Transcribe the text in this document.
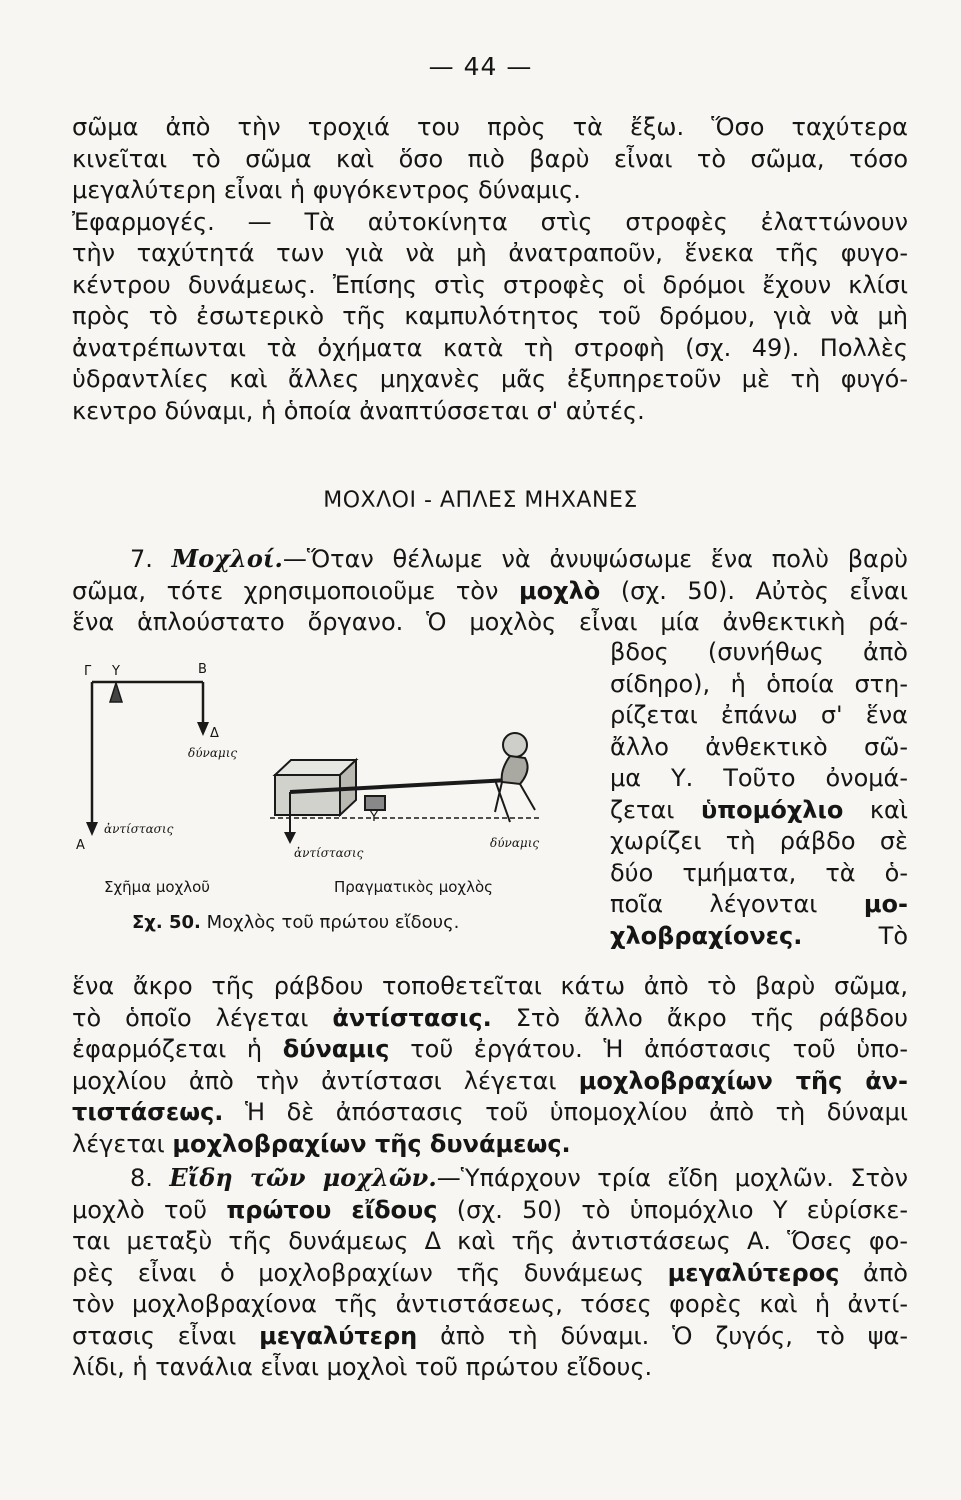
— 44 —
σῶμα ἀπὸ τὴν τροχιά του πρὸς τὰ ἔξω. Ὅσο ταχύτερα
κινεῖται τὸ σῶμα καὶ ὅσο πιὸ βαρὺ εἶναι τὸ σῶμα, τόσο
μεγαλύτερη εἶναι ἡ φυγόκεντρος δύναμις.
Ἐφαρμογές. — Τὰ αὐτοκίνητα στὶς στροφὲς ἐλαττώνουν
τὴν ταχύτητά των γιὰ νὰ μὴ ἀνατραποῦν, ἕνεκα τῆς φυγο-
κέντρου δυνάμεως. Ἐπίσης στὶς στροφὲς οἱ δρόμοι ἔχουν κλίσι
πρὸς τὸ ἐσωτερικὸ τῆς καμπυλότητος τοῦ δρόμου, γιὰ νὰ μὴ
ἀνατρέπωνται τὰ ὀχήματα κατὰ τὴ στροφὴ (σχ. 49). Πολλὲς
ὑδραντλίες καὶ ἄλλες μηχανὲς μᾶς ἐξυπηρετοῦν μὲ τὴ φυγό-
κεντρο δύναμι, ἡ ὁποία ἀναπτύσσεται σ' αὐτές.
ΜΟΧΛΟΙ - ΑΠΛΕΣ ΜΗΧΑΝΕΣ
7. Μοχλοί.—Ὅταν θέλωμε νὰ ἀνυψώσωμε ἕνα πολὺ βαρὺ
σῶμα, τότε χρησιμοποιοῦμε τὸν μοχλὸ (σχ. 50). Αὐτὸς εἶναι
ἕνα ἁπλούστατο ὄργανο. Ὁ μοχλὸς εἶναι μία ἀνθεκτικὴ ρά-
βδος (συνήθως ἀπὸ
σίδηρο), ἡ ὁποία στη-
ρίζεται ἐπάνω σ' ἕνα
ἄλλο ἀνθεκτικὸ σῶ-
μα Υ. Τοῦτο ὀνομά-
ζεται ὑπομόχλιο καὶ
χωρίζει τὴ ράβδο σὲ
δύο τμήματα, τὰ ὁ-
ποῖα λέγονται μο-
χλοβραχίονες.	Τὸ
Γ Υ	Β
Δ
δύναμις
Α
ἀντίστασις
Υ
ἀντίστασις
δύναμις
Σχῆμα μοχλοῦ	Πραγματικὸς μοχλὸς
Σχ. 50. Μοχλὸς τοῦ πρώτου εἴδους.
ἕνα ἄκρο τῆς ράβδου τοποθετεῖται κάτω ἀπὸ τὸ βαρὺ σῶμα,
τὸ ὁποῖο λέγεται ἀντίστασις. Στὸ ἄλλο ἄκρο τῆς ράβδου
ἐφαρμόζεται ἡ δύναμις τοῦ ἐργάτου. Ἡ ἀπόστασις τοῦ ὑπο-
μοχλίου ἀπὸ τὴν ἀντίστασι λέγεται μοχλοβραχίων τῆς ἀν-
τιστάσεως. Ἡ δὲ ἀπόστασις τοῦ ὑπομοχλίου ἀπὸ τὴ δύναμι
λέγεται μοχλοβραχίων τῆς δυνάμεως.
8. Εἴδη τῶν μοχλῶν.—Ὑπάρχουν τρία εἴδη μοχλῶν. Στὸν
μοχλὸ τοῦ πρώτου εἴδους (σχ. 50) τὸ ὑπομόχλιο Υ εὑρίσκε-
ται μεταξὺ τῆς δυνάμεως Δ καὶ τῆς ἀντιστάσεως Α. Ὅσες φο-
ρὲς εἶναι ὁ μοχλοβραχίων τῆς δυνάμεως μεγαλύτερος ἀπὸ
τὸν μοχλοβραχίονα τῆς ἀντιστάσεως, τόσες φορὲς καὶ ἡ ἀντί-
στασις εἶναι μεγαλύτερη ἀπὸ τὴ δύναμι. Ὁ ζυγός, τὸ ψα-
λίδι, ἡ τανάλια εἶναι μοχλοὶ τοῦ πρώτου εἴδους.
